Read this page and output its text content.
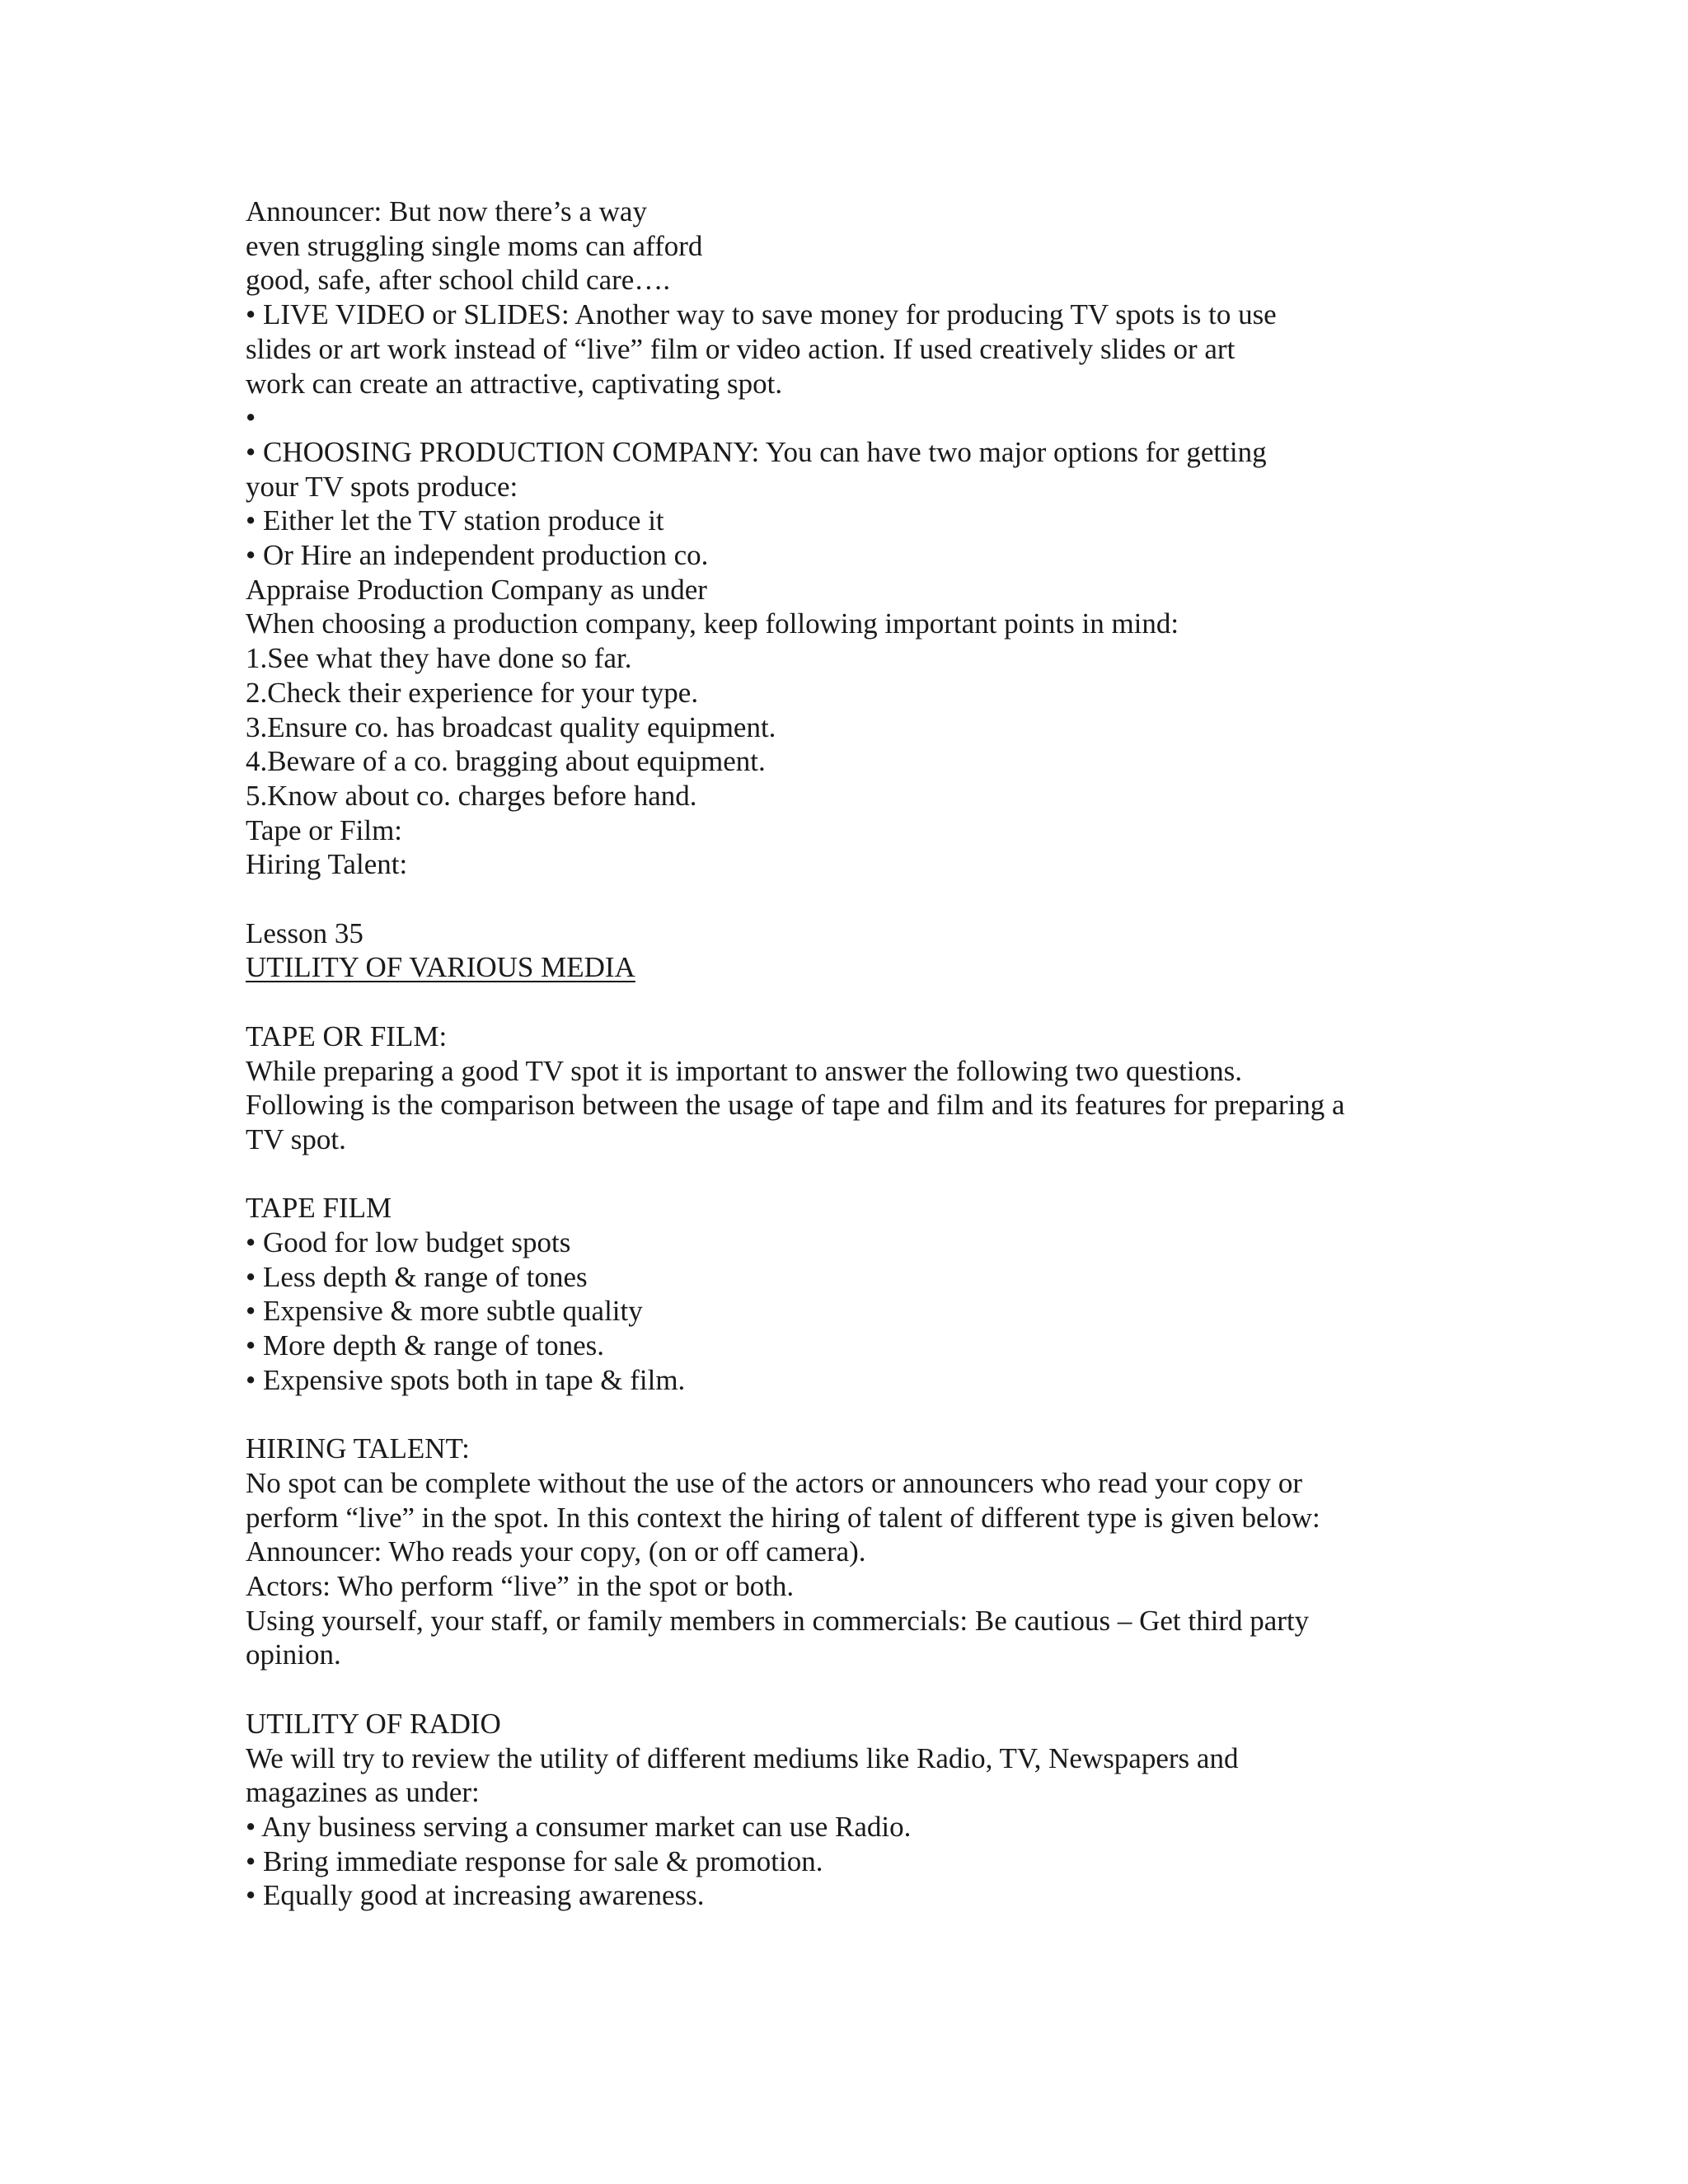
Announcer: But now there’s a way
even struggling single moms can afford
good, safe, after school child care….
• LIVE VIDEO or SLIDES: Another way to save money for producing TV spots is to use
slides or art work instead of “live” film or video action. If used creatively slides or art
work can create an attractive, captivating spot.
•
• CHOOSING PRODUCTION COMPANY: You can have two major options for getting
your TV spots produce:
• Either let the TV station produce it
• Or Hire an independent production co.
Appraise Production Company as under
When choosing a production company, keep following important points in mind:
1.See what they have done so far.
2.Check their experience for your type.
3.Ensure co. has broadcast quality equipment.
4.Beware of a co. bragging about equipment.
5.Know about co. charges before hand.
Tape or Film:
Hiring Talent:
Lesson 35
UTILITY OF VARIOUS MEDIA
TAPE OR FILM:
While preparing a good TV spot it is important to answer the following two questions.
Following is the comparison between the usage of tape and film and its features for preparing a
TV spot.
TAPE FILM
• Good for low budget spots
• Less depth & range of tones
• Expensive & more subtle quality
• More depth & range of tones.
• Expensive spots both in tape & film.
HIRING TALENT:
No spot can be complete without the use of the actors or announcers who read your copy or
perform “live” in the spot. In this context the hiring of talent of different type is given below:
Announcer: Who reads your copy, (on or off camera).
Actors: Who perform “live” in the spot or both.
Using yourself, your staff, or family members in commercials: Be cautious – Get third party
opinion.
UTILITY OF RADIO
We will try to review the utility of different mediums like Radio, TV, Newspapers and
magazines as under:
• Any business serving a consumer market can use Radio.
• Bring immediate response for sale & promotion.
• Equally good at increasing awareness.
